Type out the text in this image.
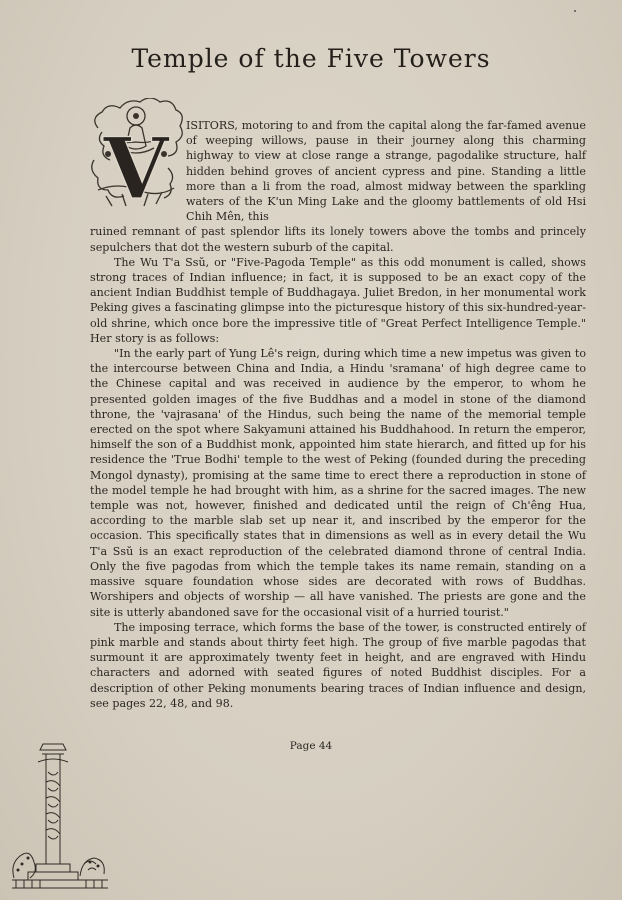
Temple of the Five Towers
V	ISITORS, motoring to and from the capital along the far-famed avenue of weeping willows, pause in their journey along this charming highway to view at close range a strange, pagodalike structure, half hidden behind groves of ancient cypress and pine. Standing a little more than a li from the road, almost midway between the sparkling waters of the K'un Ming Lake and the gloomy battlements of old Hsi Chih Mên, this

ruined remnant of past splendor lifts its lonely towers above the tombs and princely sepulchers that dot the western suburb of the capital.

The Wu T'a Ssŭ, or "Five-Pagoda Temple" as this odd monument is called, shows strong traces of Indian influence; in fact, it is supposed to be an exact copy of the ancient Indian Buddhist temple of Buddhagaya. Juliet Bredon, in her monumental work Peking gives a fascinating glimpse into the picturesque history of this six-hundred-year-old shrine, which once bore the impressive title of "Great Perfect Intelligence Temple." Her story is as follows:

"In the early part of Yung Lê's reign, during which time a new impetus was given to the intercourse between China and India, a Hindu 'sramana' of high degree came to the Chinese capital and was received in audience by the emperor, to whom he presented golden images of the five Buddhas and a model in stone of the diamond throne, the 'vajrasana' of the Hindus, such being the name of the memorial temple erected on the spot where Sakyamuni attained his Buddhahood. In return the emperor, himself the son of a Buddhist monk, appointed him state hierarch, and fitted up for his residence the 'True Bodhi' temple to the west of Peking (founded during the preceding Mongol dynasty), promising at the same time to erect there a reproduction in stone of the model temple he had brought with him, as a shrine for the sacred images. The new temple was not, however, finished and dedicated until the reign of Ch'êng Hua, according to the marble slab set up near it, and inscribed by the emperor for the occasion. This specifically states that in dimensions as well as in every detail the Wu T'a Ssŭ is an exact reproduction of the celebrated diamond throne of central India. Only the five pagodas from which the temple takes its name remain, standing on a massive square foundation whose sides are decorated with rows of Buddhas. Worshipers and objects of worship — all have vanished. The priests are gone and the site is utterly abandoned save for the occasional visit of a hurried tourist."

The imposing terrace, which forms the base of the tower, is constructed entirely of pink marble and stands about thirty feet high. The group of five marble pagodas that surmount it are approximately twenty feet in height, and are engraved with Hindu characters and adorned with seated figures of noted Buddhist disciples. For a description of other Peking monuments bearing traces of Indian influence and design, see pages 22, 48, and 98.

Page 44
